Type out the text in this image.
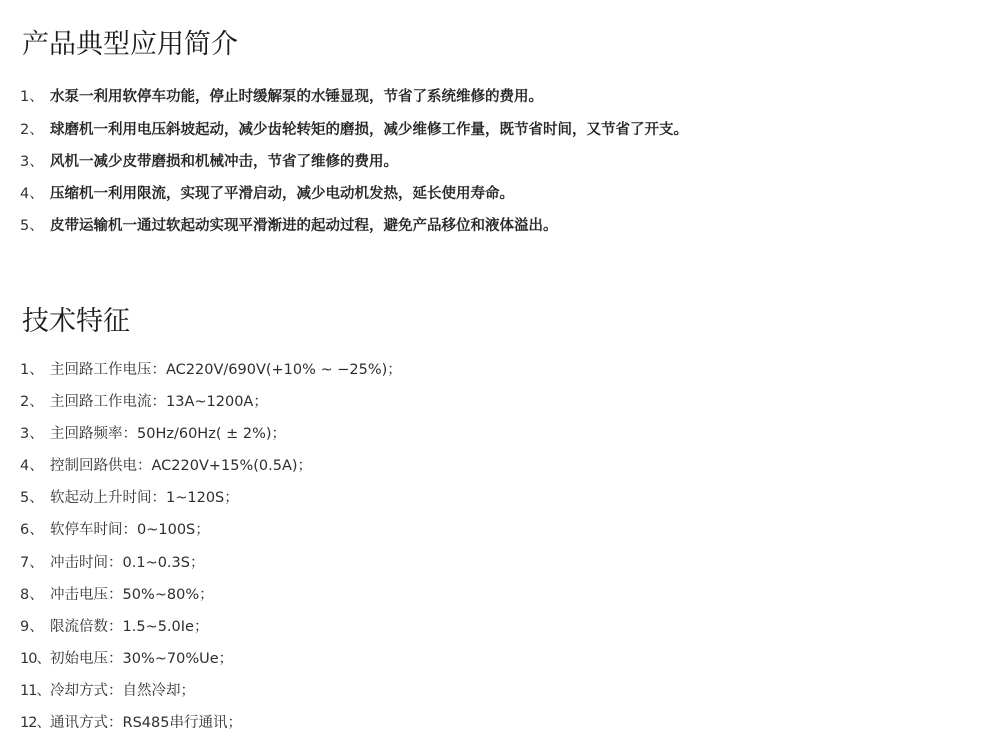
产品典型应用简介
1、 水泵一利用软停车功能，停止时缓解泵的水锤显现，节省了系统维修的费用。
2、 球磨机一利用电压斜坡起动，减少齿轮转矩的磨损，减少维修工作量，既节省时间，又节省了开支。
3、 风机一减少皮带磨损和机械冲击，节省了维修的费用。
4、 压缩机一利用限流，实现了平滑启动，减少电动机发热，延长使用寿命。
5、 皮带运输机一通过软起动实现平滑渐进的起动过程，避免产品移位和液体溢出。
技术特征
1、 主回路工作电压：AC220V/690V(+10% ~ −25%)；
2、 主回路工作电流：13A~1200A；
3、 主回路频率：50Hz/60Hz( ± 2%)；
4、 控制回路供电：AC220V+15%(0.5A)；
5、 软起动上升时间：1~120S；
6、 软停车时间：0~100S；
7、 冲击时间：0.1~0.3S；
8、 冲击电压：50%~80%；
9、 限流倍数：1.5~5.0Ie；
10、 初始电压：30%~70%Ue；
11、 冷却方式：自然冷却；
12、 通讯方式：RS485串行通讯；
